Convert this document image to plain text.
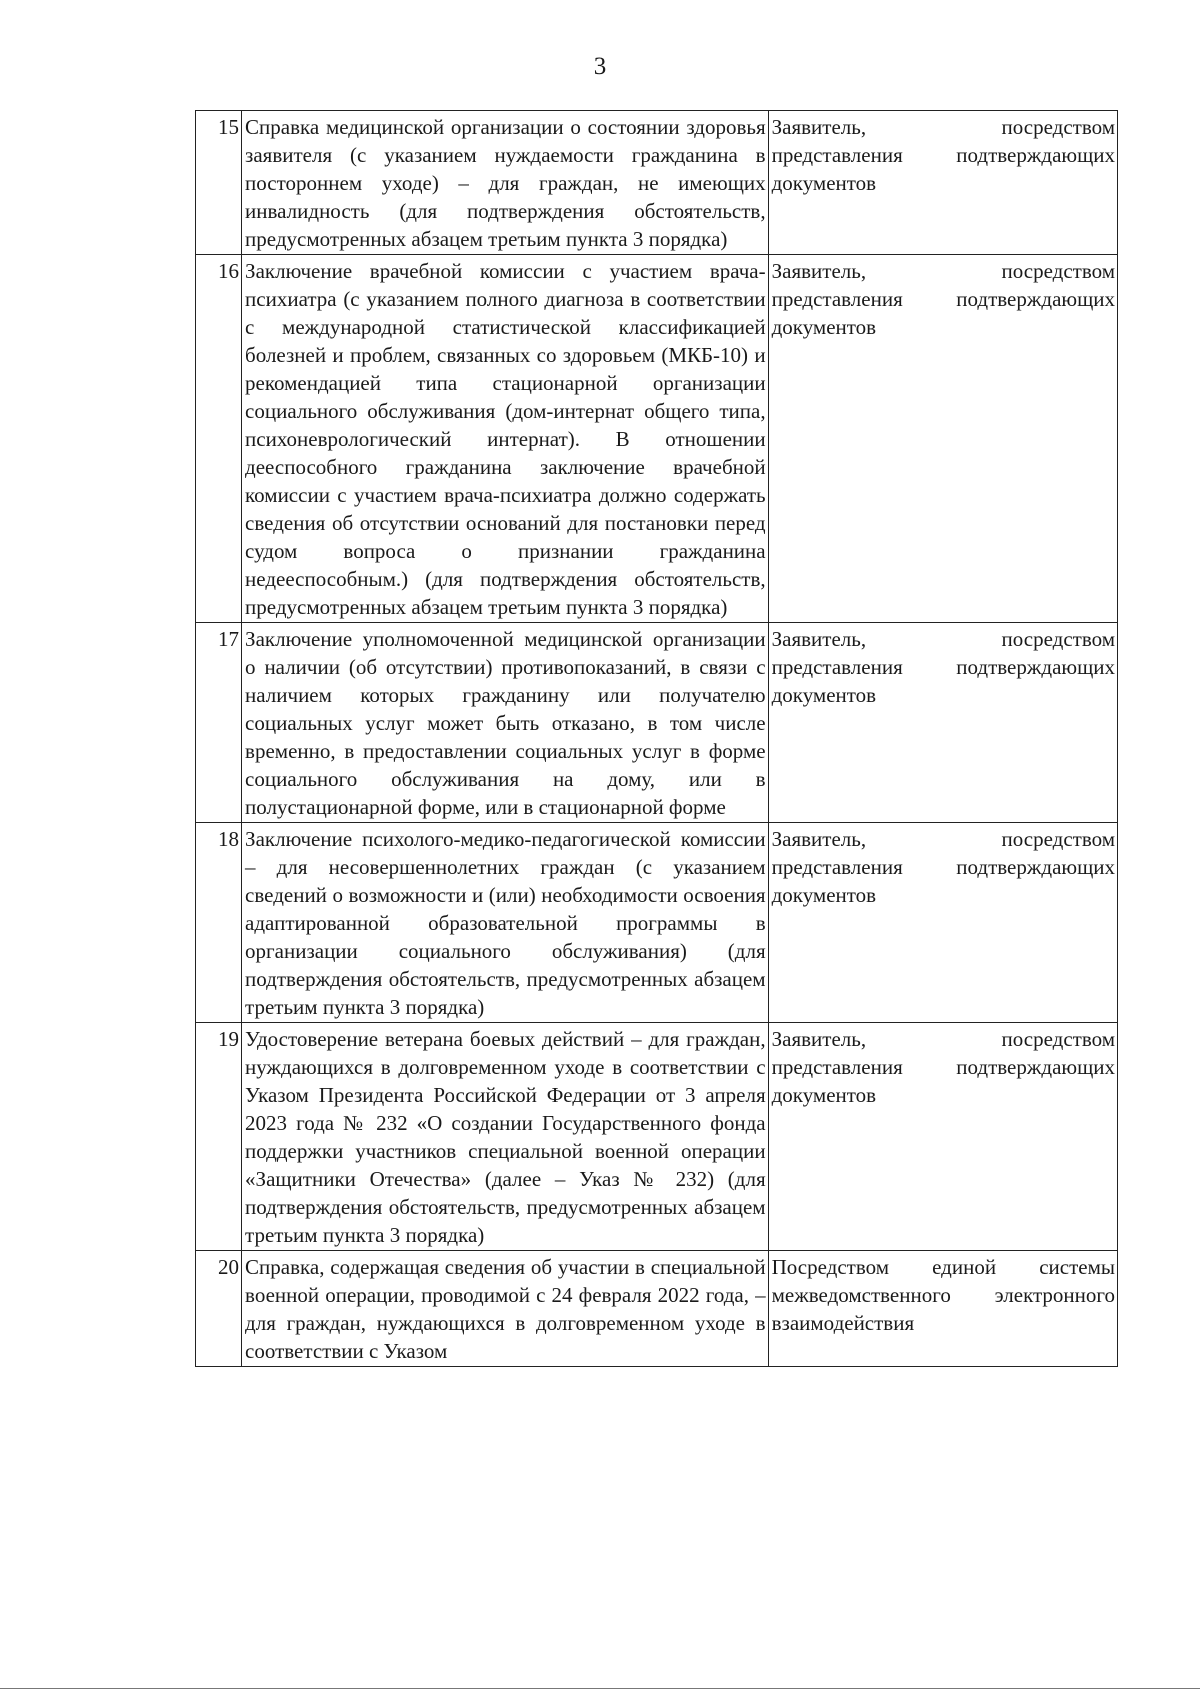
3
15	Справка медицинской организации о состоянии здоровья заявителя (с указанием нуждаемости гражданина в постороннем уходе) – для граждан, не имеющих инвалидность (для подтверждения обстоятельств, предусмотренных абзацем третьим пункта 3 порядка)	Заявитель, посредством представления подтверждающих документов
16	Заключение врачебной комиссии с участием врача-психиатра (с указанием полного диагноза в соответствии с международной статистической классификацией болезней и проблем, связанных со здоровьем (МКБ-10) и рекомендацией типа стационарной организации социального обслуживания (дом-интернат общего типа, психоневрологический интернат). В отношении дееспособного гражданина заключение врачебной комиссии с участием врача-психиатра должно содержать сведения об отсутствии оснований для постановки перед судом вопроса о признании гражданина недееспособным.) (для подтверждения обстоятельств, предусмотренных абзацем третьим пункта 3 порядка)	Заявитель, посредством представления подтверждающих документов
17	Заключение уполномоченной медицинской организации о наличии (об отсутствии) противопоказаний, в связи с наличием которых гражданину или получателю социальных услуг может быть отказано, в том числе временно, в предоставлении социальных услуг в форме социального обслуживания на дому, или в полустационарной форме, или в стационарной форме	Заявитель, посредством представления подтверждающих документов
18	Заключение психолого-медико-педагогической комиссии – для несовершеннолетних граждан (с указанием сведений о возможности и (или) необходимости освоения адаптированной образовательной программы в организации социального обслуживания) (для подтверждения обстоятельств, предусмотренных абзацем третьим пункта 3 порядка)	Заявитель, посредством представления подтверждающих документов
19	Удостоверение ветерана боевых действий – для граждан, нуждающихся в долговременном уходе в соответствии с Указом Президента Российской Федерации от 3 апреля 2023 года № 232 «О создании Государственного фонда поддержки участников специальной военной операции «Защитники Отечества» (далее – Указ № 232) (для подтверждения обстоятельств, предусмотренных абзацем третьим пункта 3 порядка)	Заявитель, посредством представления подтверждающих документов
20	Справка, содержащая сведения об участии в специальной военной операции, проводимой с 24 февраля 2022 года, – для граждан, нуждающихся в долговременном уходе в соответствии с Указом	Посредством единой системы межведомственного электронного взаимодействия
